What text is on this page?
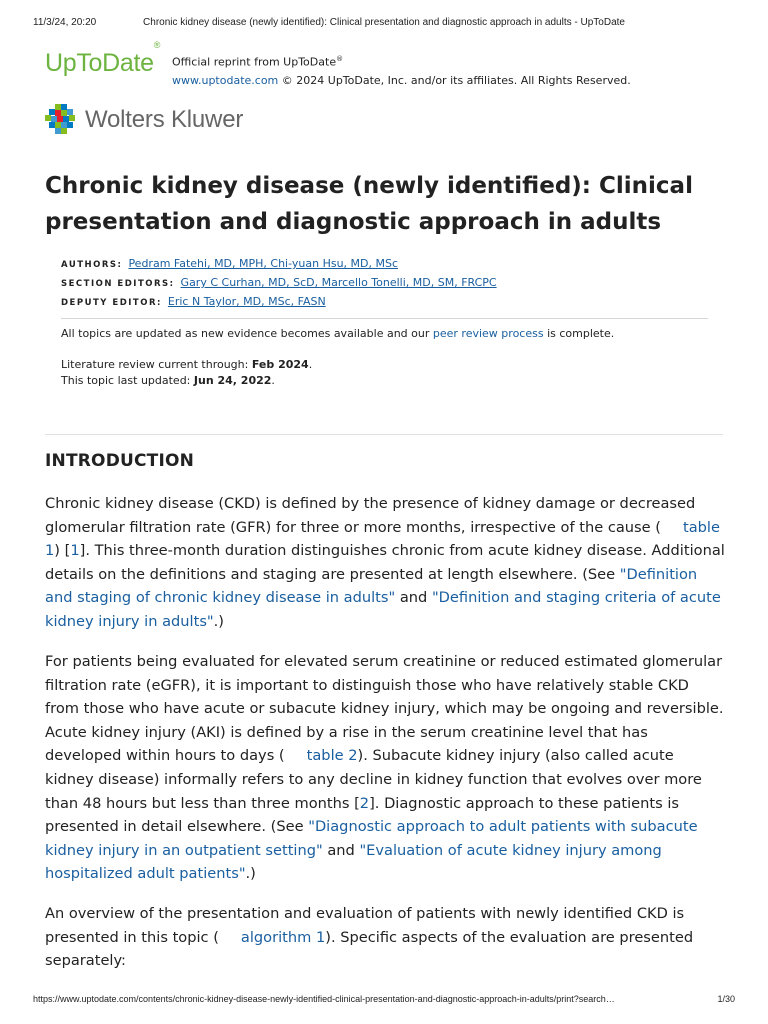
11/3/24, 20:20	Chronic kidney disease (newly identified): Clinical presentation and diagnostic approach in adults - UpToDate
UpToDate®
Official reprint from UpToDate®
www.uptodate.com © 2024 UpToDate, Inc. and/or its affiliates. All Rights Reserved.
Wolters Kluwer
Chronic kidney disease (newly identified): Clinical presentation and diagnostic approach in adults
AUTHORS: Pedram Fatehi, MD, MPH, Chi-yuan Hsu, MD, MSc
SECTION EDITORS: Gary C Curhan, MD, ScD, Marcello Tonelli, MD, SM, FRCPC
DEPUTY EDITOR: Eric N Taylor, MD, MSc, FASN
All topics are updated as new evidence becomes available and our peer review process is complete.
Literature review current through: Feb 2024.
This topic last updated: Jun 24, 2022.
INTRODUCTION

Chronic kidney disease (CKD) is defined by the presence of kidney damage or decreased glomerular filtration rate (GFR) for three or more months, irrespective of the cause ( table 1) [1]. This three-month duration distinguishes chronic from acute kidney disease. Additional details on the definitions and staging are presented at length elsewhere. (See "Definition and staging of chronic kidney disease in adults" and "Definition and staging criteria of acute kidney injury in adults".)

For patients being evaluated for elevated serum creatinine or reduced estimated glomerular filtration rate (eGFR), it is important to distinguish those who have relatively stable CKD from those who have acute or subacute kidney injury, which may be ongoing and reversible. Acute kidney injury (AKI) is defined by a rise in the serum creatinine level that has developed within hours to days ( table 2). Subacute kidney injury (also called acute kidney disease) informally refers to any decline in kidney function that evolves over more than 48 hours but less than three months [2]. Diagnostic approach to these patients is presented in detail elsewhere. (See "Diagnostic approach to adult patients with subacute kidney injury in an outpatient setting" and "Evaluation of acute kidney injury among hospitalized adult patients".)

An overview of the presentation and evaluation of patients with newly identified CKD is presented in this topic ( algorithm 1). Specific aspects of the evaluation are presented separately:

https://www.uptodate.com/contents/chronic-kidney-disease-newly-identified-clinical-presentation-and-diagnostic-approach-in-adults/print?search…	1/30
